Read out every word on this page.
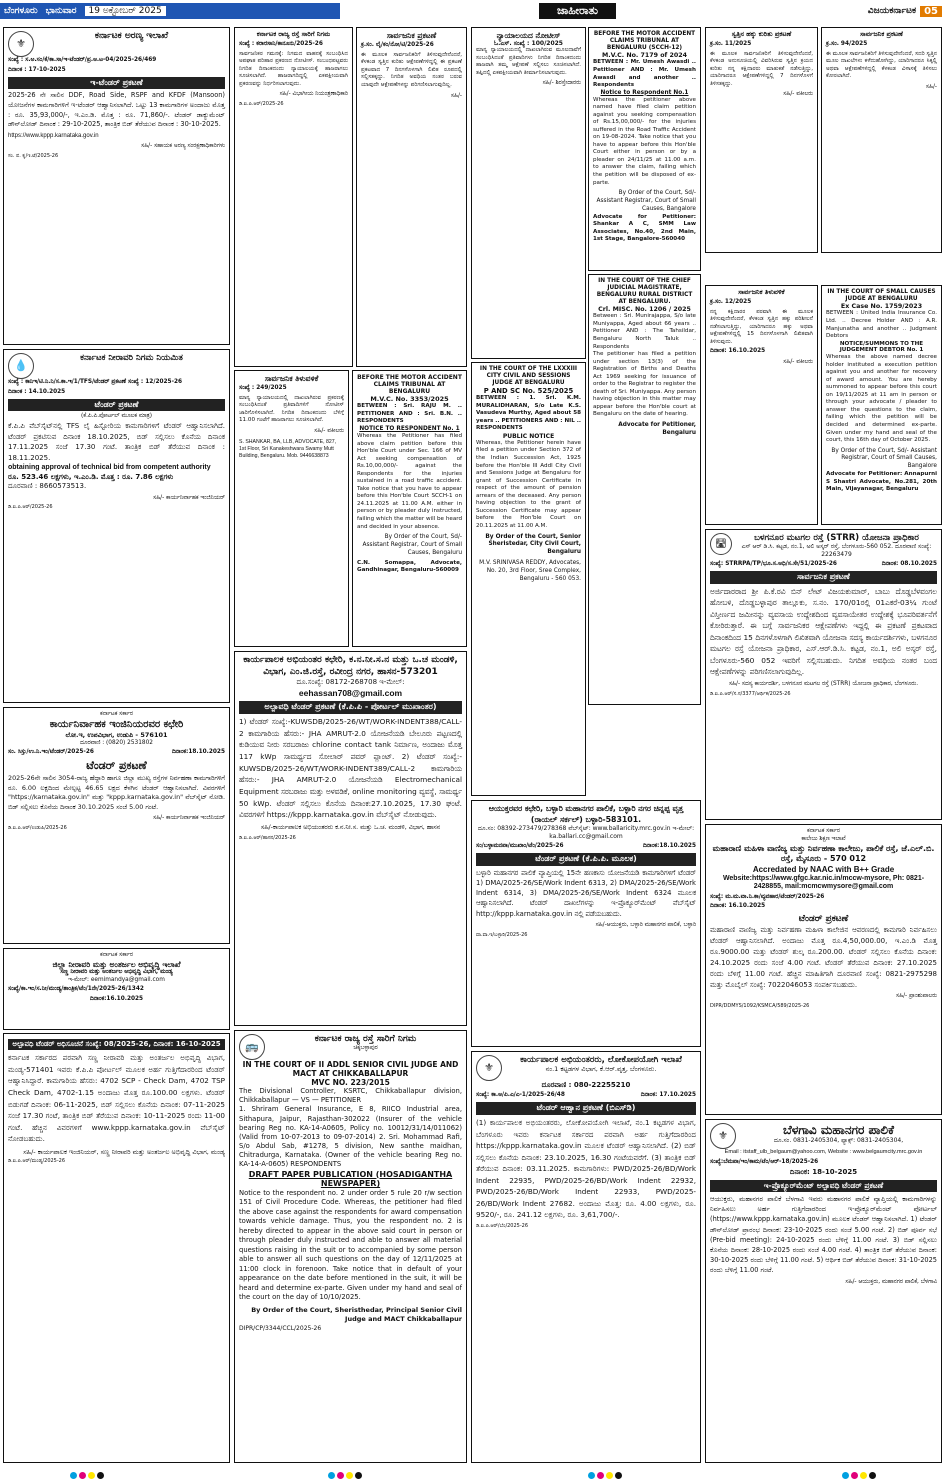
ಬೆಂಗಳೂರು ಭಾನುವಾರ	19 ಅಕ್ಟೋಬರ್ 2025	ಜಾಹೀರಾತು	ವಿಜಯಕರ್ನಾಟಕ 05
⚜
ಕರ್ನಾಟಕ ಅರಣ್ಯ ಇಲಾಖೆ
ಸಂಖ್ಯೆ : ಸ.ಅ.ಸಂ/ಕೆ/ಕಾ.ಸಾ/ಇ-ಟೆಂಡರ್/ಪ್ರ.ಅ.ಟ-04/2025-26/469
ದಿನಾಂಕ : 17-10-2025
ಇ-ಟೆಂಡರ್ ಪ್ರಕಟಣೆ
2025-26 ನೇ ಸಾಲಿನ DDF, Road Side, RSPF and KFDF (Mansoon) ಯೋಜನೆಗಳ ಕಾಮಗಾರಿಗಳಿಗೆ ಇ-ಟೆಂಡರ್ ಆಹ್ವಾನಿಸಲಾಗಿದೆ. ಒಟ್ಟು 13 ಕಾಮಗಾರಿಗಳ ಅಂದಾಜು ಮೊತ್ತ : ರೂ. 35,93,000/-, ಇ.ಎಂ.ಡಿ. ಮೊತ್ತ : ರೂ. 71,860/-. ಟೆಂಡರ್ ಡಾಕ್ಯುಮೆಂಟ್ ಡೌನ್‌ಲೋಡ್ ದಿನಾಂಕ : 29-10-2025, ತಾಂತ್ರಿಕ ಬಿಡ್ ತೆರೆಯುವ ದಿನಾಂಕ : 30-10-2025.
https://www.kppp.karnataka.gov.in
ಸಹಿ/- ಸಹಾಯಕ ಅರಣ್ಯ ಸಂರಕ್ಷಣಾಧಿಕಾರಿಗಳು
ಸಂ. ಪ. ಕೃ/ಇ.ಟೆ/2025-26
💧
ಕರ್ನಾಟಕ ನೀರಾವರಿ ನಿಗಮ ನಿಯಮಿತ
ಸಂಖ್ಯೆ : ಕಾನಿಇ/ಟಿ.ನಿ.ನಿ/ಸ.ಕಾ.ಇ/1/TFS/ಟೆಂಡರ್ ಪ್ರಕಟಣೆ ಸಂಖ್ಯೆ : 12/2025-26
ದಿನಾಂಕ : 14.10.2025
ಟೆಂಡರ್ ಪ್ರಕಟಣೆ
(ಕೆ.ಪಿ.ಪಿ.ಪೋರ್ಟಲ್ ಮೂಲಕ ಮಾತ್ರ)
ಕೆ.ಪಿ.ಪಿ ವೆಬ್‌ಸೈಟ್‌ನಲ್ಲಿ TFS ಲೈ ಹಿಸ್ಟೋರಿಯ ಕಾಮಗಾರಿಗಳಿಗೆ ಟೆಂಡರ್ ಆಹ್ವಾನಿಸಲಾಗಿದೆ. ಟೆಂಡರ್ ಪ್ರಕಟಿಸುವ ದಿನಾಂಕ 18.10.2025, ಬಿಡ್ ಸಲ್ಲಿಸಲು ಕೊನೆಯ ದಿನಾಂಕ 17.11.2025 ಸಂಜೆ 17.30 ಗಂಟೆ. ತಾಂತ್ರಿಕ ಬಿಡ್ ತೆರೆಯುವ ದಿನಾಂಕ : 18.11.2025.
obtaining approval of technical bid from competent authority
ರೂ. 523.46 ಲಕ್ಷಗಳು, ಇ.ಎಂ.ಡಿ. ಮೊತ್ತ : ರೂ. 7.86 ಲಕ್ಷಗಳು
ದೂರವಾಣಿ : 8660573513.
ಸಹಿ/- ಕಾರ್ಯನಿರ್ವಾಹಕ ಇಂಜಿನಿಯರ್
ಡಿ.ಐ.ಪಿ.ಆರ್/2025-26
ಕರ್ನಾಟಕ ಸರ್ಕಾರ
ಕಾರ್ಯನಿರ್ವಾಹಕ ಇಂಜಿನಿಯರವರ ಕಛೇರಿ
ಲೋ.ಇ, ಉಪವಿಭಾಗ, ಉಡುಪಿ - 576101
ದೂರವಾಣಿ : (0820) 2531802
ಸಂ. ಸಿಸ್ತು/ಉ.ನಿ.ಇಂ/ಟೆಂಡರ್/2025-26	ದಿನಾಂಕ:18.10.2025
ಟೆಂಡರ್ ಪ್ರಕಟಣೆ
2025-26ನೇ ಸಾಲಿನ 3054-ರಾಜ್ಯ ಹೆದ್ದಾರಿ ಹಾಗೂ ಜಿಲ್ಲಾ ಮುಖ್ಯ ರಸ್ತೆಗಳ ನಿರ್ವಹಣಾ ಕಾಮಗಾರಿಗಳಿಗೆ ರೂ. 6.00 ಲಕ್ಷದಿಂದ ಮೇಲ್ಪಟ್ಟ 46.65 ಲಕ್ಷದ ಕೆಳಗಿನ ಟೆಂಡರ್ ಆಹ್ವಾನಿಸಲಾಗಿದೆ. ವಿವರಗಳಿಗೆ "https://karnataka.gov.in" ಮತ್ತು "kppp.karnataka.gov.in" ವೆಬ್‌ಸೈಟ್ ನೋಡಿ. ಬಿಡ್ ಸಲ್ಲಿಸಲು ಕೊನೆಯ ದಿನಾಂಕ 30.10.2025 ಸಂಜೆ 5.00 ಗಂಟೆ.
ಸಹಿ/- ಕಾರ್ಯನಿರ್ವಾಹಕ ಇಂಜಿನಿಯರ್
ಡಿ.ಐ.ಪಿ.ಆರ್/ಉಡುಪಿ/2025-26
ಕರ್ನಾಟಕ ಸರ್ಕಾರ
ಜಿಲ್ಲಾ ನೀರಾವರಿ ಮತ್ತು ಅಂತರ್ಜಲ ಅಭಿವೃದ್ಧಿ ಇಲಾಖೆ
ಸಣ್ಣ ನೀರಾವರಿ ಮತ್ತು ಅಂತರ್ಜಲ ಅಭಿವೃದ್ಧಿ ವಿಭಾಗ, ಮಂಡ್ಯ
ಇ-ಮೇಲ್: eemimandya@gmail.com
ಸಂಖ್ಯೆ/ಕಾ.ಇಂ/ಸ.ನೀ/ಮಂಡ್ಯ/ತಾಂತ್ರಿಕ/ಟೆಂ/1ನೇ/2025-26/1342
ದಿನಾಂಕ:16.10.2025
ಅಲ್ಪಾವಧಿ ಟೆಂಡರ್ ಅಧಿಸೂಚನೆ ಸಂಖ್ಯೆ: 08/2025-26, ದಿನಾಂಕ: 16-10-2025
ಕರ್ನಾಟಕ ಸರ್ಕಾರದ ಪರವಾಗಿ ಸಣ್ಣ ನೀರಾವರಿ ಮತ್ತು ಅಂತರ್ಜಲ ಅಭಿವೃದ್ಧಿ ವಿಭಾಗ, ಮಂಡ್ಯ-571401 ಇವರು ಕೆ.ಪಿ.ಪಿ ಪೋರ್ಟಲ್ ಮೂಲಕ ಅರ್ಹ ಗುತ್ತಿಗೆದಾರರಿಂದ ಟೆಂಡರ್ ಆಹ್ವಾನಿಸಿದ್ದಾರೆ. ಕಾಮಗಾರಿಯ ಹೆಸರು: 4702 SCP - Check Dam, 4702 TSP Check Dam, 4702-1.15 ಅಂದಾಜು ಮೊತ್ತ ರೂ.100.00 ಲಕ್ಷಗಳು. ಟೆಂಡರ್ ಬಿಡುಗಡೆ ದಿನಾಂಕ: 06-11-2025, ಬಿಡ್ ಸಲ್ಲಿಸಲು ಕೊನೆಯ ದಿನಾಂಕ: 07-11-2025 ಸಂಜೆ 17.30 ಗಂಟೆ, ತಾಂತ್ರಿಕ ಬಿಡ್ ತೆರೆಯುವ ದಿನಾಂಕ: 10-11-2025 ರಂದು 11-00 ಗಂಟೆ. ಹೆಚ್ಚಿನ ವಿವರಗಳಿಗೆ www.kppp.karnataka.gov.in ವೆಬ್‌ಸೈಟ್ ನೋಡಬಹುದು.
ಸಹಿ/- ಕಾರ್ಯಪಾಲಕ ಇಂಜಿನಿಯರ್, ಸಣ್ಣ ನೀರಾವರಿ ಮತ್ತು ಅಂತರ್ಜಲ ಅಭಿವೃದ್ಧಿ ವಿಭಾಗ, ಮಂಡ್ಯ
ಡಿ.ಐ.ಪಿ.ಆರ್/ಮಂಡ್ಯ/2025-26
ಕರ್ನಾಟಕ ರಾಜ್ಯ ರಸ್ತೆ ಸಾರಿಗೆ ನಿಗಮ
ಸಂಖ್ಯೆ : ಕರಾರಸಾನಿ/ಕಾನೂನು/2025-26
ಸಾರ್ವಜನಿಕರ ಗಮನಕ್ಕೆ: ನಿಗಮದ ವಾಹನಕ್ಕೆ ಸಂಬಂಧಿಸಿದ ಅಪಘಾತ ಪರಿಹಾರ ಪ್ರಕರಣದ ನೋಟೀಸ್. ಸಂಬಂಧಪಟ್ಟವರು ನಿಗದಿತ ದಿನಾಂಕದಂದು ನ್ಯಾಯಾಲಯಕ್ಕೆ ಹಾಜರಾಗಲು ಸೂಚಿಸಲಾಗಿದೆ. ಹಾಜರಾಗದಿದ್ದಲ್ಲಿ ಏಕಪಕ್ಷೀಯವಾಗಿ ಪ್ರಕರಣವನ್ನು ನಿರ್ಧರಿಸಲಾಗುವುದು.
ಸಹಿ/- ವಿಭಾಗೀಯ ನಿಯಂತ್ರಣಾಧಿಕಾರಿ
ಡಿ.ಐ.ಪಿ.ಆರ್/2025-26
ಸಾರ್ವಜನಿಕ ಪ್ರಕಟಣೆ
ಕ್ರ.ಸಂ. ಲೈ/ಕಂ/ನೋ/ಟಿ/2025-26
ಈ ಮೂಲಕ ಸಾರ್ವಜನಿಕರಿಗೆ ತಿಳಿಸುವುದೇನೆಂದರೆ, ಕೆಳಕಂಡ ಸ್ವತ್ತಿನ ಕುರಿತು ಆಕ್ಷೇಪಣೆಗಳಿದ್ದಲ್ಲಿ ಈ ಪ್ರಕಟಣೆ ಪ್ರಕಟವಾದ 7 ದಿನಗಳೊಳಗಾಗಿ ಲಿಖಿತ ರೂಪದಲ್ಲಿ ಸಲ್ಲಿಸತಕ್ಕದ್ದು. ನಿಗದಿತ ಅವಧಿಯ ನಂತರ ಬರುವ ಯಾವುದೇ ಆಕ್ಷೇಪಣೆಗಳನ್ನು ಪರಿಗಣಿಸಲಾಗುವುದಿಲ್ಲ.
ಸಹಿ/-
ಸಾರ್ವಜನಿಕ ತಿಳುವಳಿಕೆ
ಸಂಖ್ಯೆ : 249/2025
ಮಾನ್ಯ ನ್ಯಾಯಾಲಯದಲ್ಲಿ ದಾಖಲಾಗಿರುವ ಪ್ರಕರಣಕ್ಕೆ ಸಂಬಂಧಿಸಿದಂತೆ ಪ್ರತಿವಾದಿಗಳಿಗೆ ನೋಟೀಸ್ ಜಾರಿಗೊಳಿಸಲಾಗಿದೆ. ನಿಗದಿತ ದಿನಾಂಕದಂದು ಬೆಳಿಗ್ಗೆ 11.00 ಗಂಟೆಗೆ ಹಾಜರಾಗಲು ಸೂಚಿಸಲಾಗಿದೆ.
ಸಹಿ/- ವಕೀಲರು
S. SHANKAR, BA, LLB, ADVOCATE, 827, 1st Floor, Sri Kanakeshwara Swamy Mutt Building, Bengaluru. Mob. 9446638873
BEFORE THE MOTOR ACCIDENT CLAIMS TRIBUNAL AT BENGALURU
M.V.C. No. 3353/2025
BETWEEN : Sri. RAJU M. .. PETITIONER AND : Sri. B.N. .. RESPONDENTS
NOTICE TO RESPONDENT No. 1
Whereas the Petitioner has filed above claim petition before this Hon'ble Court under Sec. 166 of MV Act seeking compensation of Rs.10,00,000/- against the Respondents for the injuries sustained in a road traffic accident. Take notice that you have to appear before this Hon'ble Court SCCH-1 on 24.11.2025 at 11.00 A.M. either in person or by pleader duly instructed, failing which the matter will be heard and decided in your absence.
By Order of the Court, Sd/- Assistant Registrar, Court of Small Causes, Bengaluru
C.N. Somappa, Advocate, Gandhinagar, Bengaluru-560009
ಕಾರ್ಯಪಾಲಕ ಅಭಿಯಂತರ ಕಛೇರಿ, ಕ.ನ.ನೀ.ಸ.ನ ಮತ್ತು ಒ.ಚ ಮಂಡಳಿ, ವಿಭಾಗ, ಎಂ.ಜಿ.ರಸ್ತೆ, ರವೀಂದ್ರ ನಗರ, ಹಾಸನ-573201
ದೂ.ಸಂಖ್ಯೆ: 08172-268708 ಇ-ಮೇಲ್:
eehassan708@gmail.com
ಅಲ್ಪಾವಧಿ ಟೆಂಡರ್ ಪ್ರಕಟಣೆ (ಕೆ.ಪಿ.ಪಿ - ಪೋರ್ಟಲ್ ಮುಖಾಂತರ)
1) ಟೆಂಡರ್ ಸಂಖ್ಯೆ:-KUWSDB/2025-26/WT/WORK-INDENT388/CALL-2 ಕಾಮಗಾರಿಯ ಹೆಸರು:- JHA AMRUT-2.0 ಯೋಜನೆಯಡಿ ಬೇಲೂರು ಪಟ್ಟಣದಲ್ಲಿ ಕುಡಿಯುವ ನೀರು ಸರಬರಾಜು chlorine contact tank ನಿರ್ಮಾಣ, ಅಂದಾಜು ಮೊತ್ತ 117 kWp ಸಾಮರ್ಥ್ಯದ ಸೋಲಾರ್ ಪವರ್ ಪ್ಲಾಂಟ್. 2) ಟೆಂಡರ್ ಸಂಖ್ಯೆ:- KUWSDB/2025-26/WT/WORK-INDENT389/CALL-2 ಕಾಮಗಾರಿಯ ಹೆಸರು:- JHA AMRUT-2.0 ಯೋಜನೆಯಡಿ Electromechanical Equipment ಸರಬರಾಜು ಮತ್ತು ಅಳವಡಿಕೆ, online monitoring ವ್ಯವಸ್ಥೆ, ಸಾಮರ್ಥ್ಯ 50 kWp. ಟೆಂಡರ್ ಸಲ್ಲಿಸಲು ಕೊನೆಯ ದಿನಾಂಕ:27.10.2025, 17.30 ಘಂಟೆ. ವಿವರಗಳಿಗೆ https://kppp.karnataka.gov.in ವೆಬ್‌ಸೈಟ್ ನೋಡುವುದು.
ಸಹಿ/-ಕಾರ್ಯಪಾಲಕ ಅಭಿಯಂತರರು ಕ.ನ.ನೀ.ಸ. ಮತ್ತು ಒ.ಚ. ಮಂಡಳಿ, ವಿಭಾಗ, ಹಾಸನ
ಡಿ.ಐ.ಪಿ.ಆರ್/ಹಾಸನ/2025-26
🚌
ಕರ್ನಾಟಕ ರಾಜ್ಯ ರಸ್ತೆ ಸಾರಿಗೆ ನಿಗಮ
ಚಿಕ್ಕಬಳ್ಳಾಪುರ
IN THE COURT OF II ADDL SENIOR CIVIL JUDGE AND MACT AT CHIKKABALLAPUR
MVC NO. 223/2015
The Divisional Controller, KSRTC, Chikkaballapur division, Chikkaballapur — VS — PETITIONER
1. Shriram General Insurance, E 8, RIICO Industrial area, Sithapura, Jaipur, Rajasthan-302022 (Insurer of the vehicle bearing Reg no. KA-14-A0605, Policy no. 10012/31/14/011062) (Valid from 10-07-2013 to 09-07-2014) 2. Sri. Mohammad Rafi, S/o Abdul Sab, #1278, 5 division, New santhe maidhan, Chitradurga, Karnataka. (Owner of the vehicle bearing Reg no. KA-14-A-0605) RESPONDENTS
DRAFT PAPER PUBLICATION (HOSADIGANTHA NEWSPAPER)
Notice to the respondent no. 2 under order 5 rule 20 r/w section 151 of Civil Procedure Code. Whereas, the petitioner had filed the above case against the respondents for award compensation towards vehicle damage. Thus, you the respondent no. 2 is hereby directed to appear in the above said court in person or through pleader duly instructed and able to answer all material questions raising in the suit or to accompanied by some person able to answer all such questions on the day of 12/11/2025 at 11:00 clock in forenoon. Take notice that in default of your appearance on the date before mentioned in the suit, it will be heard and determine ex-parte. Given under my hand and seal of the court on the day of 10/10/2025.
By Order of the Court, Sheristhedar, Principal Senior Civil Judge and MACT Chikkaballapur
DIPR/CP/3344/CCL/2025-26
ನ್ಯಾಯಾಲಯದ ನೋಟೀಸ್
ಓ.ಎಸ್. ಸಂಖ್ಯೆ : 100/2025
ಮಾನ್ಯ ನ್ಯಾಯಾಲಯದಲ್ಲಿ ದಾಖಲಾಗಿರುವ ಮೂಲದಾವೆಗೆ ಸಂಬಂಧಿಸಿದಂತೆ ಪ್ರತಿವಾದಿಗಳು ನಿಗದಿತ ದಿನಾಂಕದಂದು ಹಾಜರಾಗಿ ತಮ್ಮ ಆಕ್ಷೇಪಣೆ ಸಲ್ಲಿಸಲು ಸೂಚಿಸಲಾಗಿದೆ. ತಪ್ಪಿದಲ್ಲಿ ಏಕಪಕ್ಷೀಯವಾಗಿ ತೀರ್ಮಾನಿಸಲಾಗುವುದು.
ಸಹಿ/- ಶಿರಸ್ತೇದಾರರು
BEFORE THE MOTOR ACCIDENT CLAIMS TRIBUNAL AT BENGALURU (SCCH-12)
M.V.C. No. 7179 of 2024
BETWEEN : Mr. Umesh Awasdi .. Petitioner AND : Mr. Umesh Awasdi and another .. Respondents
Notice to Respondent No.1
Whereas the petitioner above named have filed claim petition against you seeking compensation of Rs.15,00,000/- for the injuries suffered in the Road Traffic Accident on 19-08-2024. Take notice that you have to appear before this Hon'ble Court either in person or by a pleader on 24/11/25 at 11.00 a.m. to answer the claim, failing which the petition will be disposed of ex-parte.
By Order of the Court, Sd/- Assistant Registrar, Court of Small Causes, Bangalore
Advocate for Petitioner: Shankar A C, SMM Law Associates, No.40, 2nd Main, 1st Stage, Bangalore-560040
IN THE COURT OF THE CHIEF JUDICIAL MAGISTRATE, BENGALURU RURAL DISTRICT AT BENGALURU.
Crl. MISC. No. 1206 / 2025
Between : Sri. Munirajappa, S/o late Muniyappa, Aged about 66 years .. Petitioner AND : The Tahsildar, Bengaluru North Taluk .. Respondents
The petitioner has filed a petition under section 13(3) of the Registration of Births and Deaths Act 1969 seeking for issuance of order to the Registrar to register the death of Sri. Muniyappa. Any person having objection in this matter may appear before the Hon'ble court at Bengaluru on the date of hearing.
Advocate for Petitioner, Bengaluru
IN THE COURT OF THE LXXXIII CITY CIVIL AND SESSIONS JUDGE AT BENGALURU
P AND SC No. 525/2025
BETWEEN : 1. Sri. K.M. MURALIDHARAN, S/o Late K.S. Vasudeva Murthy, Aged about 58 years .. PETITIONERS AND : NIL .. RESPONDENTS
PUBLIC NOTICE
Whereas, the Petitioner herein have filed a petition under Section 372 of the Indian Succession Act, 1925 before the Hon'ble III Addl City Civil and Sessions Judge at Bengaluru for grant of Succession Certificate in respect of the amount of pension arrears of the deceased. Any person having objection to the grant of Succession Certificate may appear before the Hon'ble Court on 20.11.2025 at 11.00 A.M.
By Order of the Court, Senior Sheristedar, City Civil Court, Bengaluru
M.V. SRINIVASA REDDY, Advocates, No. 20, 3rd Floor, Sree Complex, Bengaluru - 560 053.
ಸ್ವತ್ತಿನ ಹಕ್ಕು ಕುರಿತು ಪ್ರಕಟಣೆ
ಕ್ರ.ಸಂ. 11/2025
ಈ ಮೂಲಕ ಸಾರ್ವಜನಿಕರಿಗೆ ತಿಳಿಸುವುದೇನೆಂದರೆ, ಕೆಳಕಂಡ ಅನುಸೂಚಿಯಲ್ಲಿ ವಿವರಿಸಿರುವ ಸ್ವತ್ತಿನ ಕ್ರಯದ ಕುರಿತು ನನ್ನ ಕಕ್ಷಿದಾರರು ಮಾತುಕತೆ ನಡೆಸುತ್ತಿದ್ದು, ಯಾರಿಗಾದರೂ ಆಕ್ಷೇಪಣೆಗಳಿದ್ದಲ್ಲಿ 7 ದಿನಗಳೊಳಗೆ ತಿಳಿಸತಕ್ಕದ್ದು.
ಸಹಿ/- ವಕೀಲರು
ಸಾರ್ವಜನಿಕ ಪ್ರಕಟಣೆ
ಕ್ರ.ಸಂ. 94/2025
ಈ ಮೂಲಕ ಸಾರ್ವಜನಿಕರಿಗೆ ತಿಳಿಸುವುದೇನೆಂದರೆ, ಸದರಿ ಸ್ವತ್ತಿನ ಮೂಲ ದಾಖಲೆಗಳು ಕಳೆದುಹೋಗಿದ್ದು, ಯಾರಿಗಾದರೂ ಸಿಕ್ಕಲ್ಲಿ ಅಥವಾ ಆಕ್ಷೇಪಣೆಗಳಿದ್ದಲ್ಲಿ ಕೆಳಕಂಡ ವಿಳಾಸಕ್ಕೆ ತಿಳಿಸಲು ಕೋರಲಾಗಿದೆ.
ಸಹಿ/-
ಸಾರ್ವಜನಿಕ ತಿಳುವಳಿಕೆ
ಕ್ರ.ಸಂ. 12/2025
ನನ್ನ ಕಕ್ಷಿದಾರರ ಪರವಾಗಿ ಈ ಮೂಲಕ ತಿಳಿಸುವುದೇನೆಂದರೆ, ಕೆಳಕಂಡ ಸ್ವತ್ತಿನ ಹಕ್ಕು ಪರಿಶೀಲನೆ ನಡೆಸಲಾಗುತ್ತಿದ್ದು, ಯಾರಿಗಾದರೂ ಹಕ್ಕು ಅಥವಾ ಆಕ್ಷೇಪಣೆಗಳಿದ್ದಲ್ಲಿ 15 ದಿನಗಳೊಳಗಾಗಿ ಲಿಖಿತವಾಗಿ ತಿಳಿಸುವುದು.
ದಿನಾಂಕ: 16.10.2025
ಸಹಿ/- ವಕೀಲರು
IN THE COURT OF SMALL CAUSES JUDGE AT BENGALURU
Ex Case No. 1759/2023
BETWEEN : United India Insurance Co. Ltd. .. Decree Holder AND : A.R. Manjunatha and another .. Judgment Debtors
NOTICE/SUMMONS TO THE JUDGEMENT DEBTOR No. 1
Whereas the above named decree holder instituted a execution petition against you and another for recovery of award amount. You are hereby summoned to appear before this court on 19/11/2025 at 11 am in person or through your advocate / pleader to answer the questions to the claim, failing which the petition will be decided and determined ex-parte. Given under my hand and seal of the court, this 16th day of October 2025.
By Order of the Court, Sd/- Assistant Registrar, Court of Small Causes, Bangalore
Advocate for Petitioner: Annapurni S Shastri Advocate, No.281, 20th Main, Vijayanagar, Bengaluru
🛣
ಬಳಗನೂರ ಮಟಗಲ ರಸ್ತೆ (STRR) ಯೋಜನಾ ಪ್ರಾಧಿಕಾರ
ಎಸ್ ಆರ್ ಡಿ.ಸಿ. ಕಟ್ಟಡ, ನಂ.1, ಅಲಿ ಅಸ್ಕರ್ ರಸ್ತೆ, ಬೆಂಗಳೂರು-560 052. ದೂರವಾಣಿ ಸಂಖ್ಯೆ: 22263479
ಸಂಖ್ಯೆ: STRRPA/TP/ಭೂ.ಸ.ಅಧಿ/ಸ.ಸೇ/51/2025-26	ದಿನಾಂಕ: 08.10.2025
ಸಾರ್ವಜನಿಕ ಪ್ರಕಟಣೆ
ಅರ್ಜಿದಾರರಾದ ಶ್ರೀ ಪಿ.ಕೆ.ರವಿ ಬಿನ್ ಲೇಟ್ ವಿಜಯಕುಮಾರ್, ಬಾಬು ದೊಡ್ಡಬೆಳವಂಗಲ ಹೋಬಳಿ, ದೊಡ್ಡಬಳ್ಳಾಪುರ ತಾಲ್ಲೂಕು, ಸ.ನಂ. 170/01ರಲ್ಲಿ 01ಎಕರೆ-03¼ ಗುಂಟೆ ವಿಸ್ತೀರ್ಣದ ಜಮೀನನ್ನು ವ್ಯವಸಾಯ ಉದ್ದೇಶದಿಂದ ವ್ಯವಸಾಯೇತರ ಉದ್ದೇಶಕ್ಕೆ ಭೂಪರಿವರ್ತನೆಗೆ ಕೋರಿರುತ್ತಾರೆ. ಈ ಬಗ್ಗೆ ಸಾರ್ವಜನಿಕರ ಆಕ್ಷೇಪಣೆಗಳು ಇದ್ದಲ್ಲಿ ಈ ಪ್ರಕಟಣೆ ಪ್ರಕಟವಾದ ದಿನಾಂಕದಿಂದ 15 ದಿನಗಳೊಳಗಾಗಿ ಲಿಖಿತವಾಗಿ ಯೋಜನಾ ಸದಸ್ಯ ಕಾರ್ಯದರ್ಶಿಗಳು, ಬಳಗನೂರ ಮಟಗಲ ರಸ್ತೆ ಯೋಜನಾ ಪ್ರಾಧಿಕಾರ, ಎಸ್.ಆರ್.ಡಿ.ಸಿ. ಕಟ್ಟಡ, ನಂ.1, ಅಲಿ ಅಸ್ಕರ್ ರಸ್ತೆ, ಬೆಂಗಳೂರು-560 052 ಇವರಿಗೆ ಸಲ್ಲಿಸಬಹುದು. ನಿಗದಿತ ಅವಧಿಯ ನಂತರ ಬಂದ ಆಕ್ಷೇಪಣೆಗಳನ್ನು ಪರಿಗಣಿಸಲಾಗುವುದಿಲ್ಲ.
ಸಹಿ/- ಸದಸ್ಯ ಕಾರ್ಯದರ್ಶಿ, ಬಳಗನೂರ ಮಟಗಲ ರಸ್ತೆ (STRR) ಯೋಜನಾ ಪ್ರಾಧಿಕಾರ, ಬೆಂಗಳೂರು.
ಡಿ.ಐ.ಪಿ.ಆರ್/ಸ.ಸ/3377/ಆರ್ಥಿಕ/2025-26
ಆಯುಕ್ತರವರ ಕಛೇರಿ, ಬಳ್ಳಾರಿ ಮಹಾನಗರ ಪಾಲಿಕೆ, ಬಳ್ಳಾರಿ ನಗರ ಚಿನ್ನಪ್ಪ ವೃತ್ತ (ರಾಯಲ್ ಸರ್ಕಲ್) ಬಳ್ಳಾರಿ-583101.
ದೂ.ಸಂ: 08392-273479/278368 ವೆಬ್‌ಸೈಟ್: www.ballaricity.mrc.gov.in ಇ-ಮೇಲ್: ka.ballari.cc@gmail.com
ಸಂ/ಬಳ್ಳಾಮನಪಾ/ಮುಖಾಂ/ಟೆಂ/2025-26	ದಿನಾಂಕ:18.10.2025
ಟೆಂಡರ್ ಪ್ರಕಟಣೆ (ಕೆ.ಪಿ.ಪಿ. ಮೂಲಕ)
ಬಳ್ಳಾರಿ ಮಹಾನಗರ ಪಾಲಿಕೆ ವ್ಯಾಪ್ತಿಯಲ್ಲಿ 15ನೇ ಹಣಕಾಸು ಯೋಜನೆಯಡಿ ಕಾಮಗಾರಿಗಳಿಗೆ ಟೆಂಡರ್ 1) DMA/2025-26/SE/Work Indent 6313, 2) DMA/2025-26/SE/Work Indent 6314, 3) DMA/2025-26/SE/Work Indent 6324 ಮೂಲಕ ಆಹ್ವಾನಿಸಲಾಗಿದೆ. ಟೆಂಡರ್ ದಾಖಲೆಗಳನ್ನು ಇ-ಪ್ರೊಕ್ಯೂರ್‌ಮೆಂಟ್ ವೆಬ್‌ಸೈಟ್ http://kppp.karnataka.gov.in ನಲ್ಲಿ ಪಡೆಯಬಹುದು.
ಸಹಿ/-ಆಯುಕ್ತರು, ಬಳ್ಳಾರಿ ಮಹಾನಗರ ಪಾಲಿಕೆ, ಬಳ್ಳಾರಿ
ವಾ.ವಾ.ಇ/ಬಳ್ಳಾರಿ/2025-26
⚜
ಕಾರ್ಯಪಾಲಕ ಅಭಿಯಂತರರು, ಲೋಕೋಪಯೋಗಿ ಇಲಾಖೆ
ನಂ.1 ಕಟ್ಟಡಗಳ ವಿಭಾಗ, ಕೆ.ಆರ್.ವೃತ್ತ, ಬೆಂಗಳೂರು.
ದೂರವಾಣಿ : 080-22255210
ಸಂಖ್ಯೆ: ಕಾ.ಅ/ಪಿ.ಎ/ಎ-1/2025-26/48	ದಿನಾಂಕ: 17.10.2025
ಟೆಂಡರ್ ಆಹ್ವಾನ ಪ್ರಕಟಣೆ (ಬಿಎಸ್‌ಡಿ)
(1) ಕಾರ್ಯಪಾಲಕ ಅಭಿಯಂತರರು, ಲೋಕೋಪಯೋಗಿ ಇಲಾಖೆ, ನಂ.1 ಕಟ್ಟಡಗಳ ವಿಭಾಗ, ಬೆಂಗಳೂರು ಇವರು ಕರ್ನಾಟಕ ಸರ್ಕಾರದ ಪರವಾಗಿ ಅರ್ಹ ಗುತ್ತಿಗೆದಾರರಿಂದ https://kppp.karnataka.gov.in ಮೂಲಕ ಟೆಂಡರ್ ಆಹ್ವಾನಿಸಲಾಗಿದೆ. (2) ಬಿಡ್ ಸಲ್ಲಿಸಲು ಕೊನೆಯ ದಿನಾಂಕ: 23.10.2025, 16.30 ಗಂಟೆಯವರೆಗೆ. (3) ತಾಂತ್ರಿಕ ಬಿಡ್ ತೆರೆಯುವ ದಿನಾಂಕ: 03.11.2025. ಕಾಮಗಾರಿಗಳು: PWD/2025-26/BD/Work Indent 22935, PWD/2025-26/BD/Work Indent 22932, PWD/2025-26/BD/Work Indent 22933, PWD/2025-26/BD/Work Indent 27682. ಅಂದಾಜು ಮೊತ್ತ: ರೂ. 4.00 ಲಕ್ಷಗಳು, ರೂ. 9520/-, ರೂ. 241.12 ಲಕ್ಷಗಳು, ರೂ. 3,61,700/-.
ಡಿ.ಐ.ಪಿ.ಆರ್/ಬೆಂ/2025-26
ಕರ್ನಾಟಕ ಸರ್ಕಾರ
ಕಾಲೇಜು ಶಿಕ್ಷಣ ಇಲಾಖೆ
ಮಹಾರಾಣಿ ಮಹಿಳಾ ವಾಣಿಜ್ಯ ಮತ್ತು ನಿರ್ವಹಣಾ ಕಾಲೇಜು, ಪಾಲಿಕೆ ರಸ್ತೆ, ಜೆ.ಎಲ್.ಬಿ. ರಸ್ತೆ, ಮೈಸೂರು - 570 012
Accredated by NAAC with B++ Grade
Website:https://www.gfgc.kar.nic.in/mccw-mysore, Ph: 0821-2428855, mail:mcmcwmysore@gmail.com
ಸಂಖ್ಯೆ: ಮ.ಮ.ವಾ.ನಿ.ಕಾ/ವ್ಯವಹಾರ/ಟೆಂಡರ್/2025-26
ದಿನಾಂಕ: 16.10.2025
ಟೆಂಡರ್ ಪ್ರಕಟಣೆ
ಮಹಾರಾಣಿ ವಾಣಿಜ್ಯ ಮತ್ತು ನಿರ್ವಹಣಾ ಮಹಿಳಾ ಕಾಲೇಜಿನ ಆವರಣದಲ್ಲಿ ಕಾಮಗಾರಿ ನಿರ್ವಹಿಸಲು ಟೆಂಡರ್ ಆಹ್ವಾನಿಸಲಾಗಿದೆ. ಅಂದಾಜು ಮೊತ್ತ ರೂ.4,50,000.00, ಇ.ಎಂ.ಡಿ ಮೊತ್ತ ರೂ.9000.00 ಮತ್ತು ಟೆಂಡರ್ ಶುಲ್ಕ ರೂ.200.00. ಟೆಂಡರ್ ಸಲ್ಲಿಸಲು ಕೊನೆಯ ದಿನಾಂಕ: 24.10.2025 ರಂದು ಸಂಜೆ 4.00 ಗಂಟೆ. ಟೆಂಡರ್ ತೆರೆಯುವ ದಿನಾಂಕ: 27.10.2025 ರಂದು ಬೆಳಿಗ್ಗೆ 11.00 ಗಂಟೆ. ಹೆಚ್ಚಿನ ಮಾಹಿತಿಗಾಗಿ ದೂರವಾಣಿ ಸಂಖ್ಯೆ: 0821-2975298 ಮತ್ತು ಮೊಬೈಲ್ ಸಂಖ್ಯೆ: 7022046053 ಸಂಪರ್ಕಿಸಬಹುದು.
ಸಹಿ/- ಪ್ರಾಂಶುಪಾಲರು
DIPR/DDMYS/1092/KSMCA/589/2025-26
⚜	ಬೆಳಗಾವಿ ಮಹಾನಗರ ಪಾಲಿಕೆ
ದೂ.ಸಂ. 0831-2405304, ಫ್ಯಾಕ್ಸ್: 0831-2405304,
Email : itstaff_ulb_belgaum@yahoo.com, Website : www.belgaumcity.mrc.gov.in
ಸಂಖ್ಯೆ:ಬೆಮಪಾ/ಇಂ/ಕಾಮ/ಟೆಂ/ಆರ್-18/2025-26
ದಿನಾಂಕ: 18-10-2025
ಇ-ಪ್ರೊಕ್ಯೂರ್‌ಮೆಂಟ್ ಅಲ್ಪಾವಧಿ ಟೆಂಡರ್ ಪ್ರಕಟಣೆ
ಆಯುಕ್ತರು, ಮಹಾನಗರ ಪಾಲಿಕೆ ಬೆಳಗಾವಿ ಇವರು ಮಹಾನಗರ ಪಾಲಿಕೆ ವ್ಯಾಪ್ತಿಯಲ್ಲಿ ಕಾಮಗಾರಿಗಳನ್ನು ನಿರ್ವಹಿಸಲು ಅರ್ಹ ಗುತ್ತಿಗೆದಾರರಿಂದ ಇ-ಪ್ರೊಕ್ಯೂರ್‌ಮೆಂಟ್ ಪೋರ್ಟಲ್ (https://www.kppp.karnataka.gov.in) ಮೂಲಕ ಟೆಂಡರ್ ಆಹ್ವಾನಿಸಲಾಗಿದೆ. 1) ಟೆಂಡರ್ ಡೌನ್‌ಲೋಡ್ ಪ್ರಾರಂಭ ದಿನಾಂಕ: 23-10-2025 ರಂದು ಸಂಜೆ 5.00 ಗಂಟೆ. 2) ಬಿಡ್ ಪೂರ್ವ ಸಭೆ (Pre-bid meeting): 24-10-2025 ರಂದು ಬೆಳಿಗ್ಗೆ 11.00 ಗಂಟೆ. 3) ಬಿಡ್ ಸಲ್ಲಿಸಲು ಕೊನೆಯ ದಿನಾಂಕ: 28-10-2025 ರಂದು ಸಂಜೆ 4.00 ಗಂಟೆ. 4) ತಾಂತ್ರಿಕ ಬಿಡ್ ತೆರೆಯುವ ದಿನಾಂಕ: 30-10-2025 ರಂದು ಬೆಳಿಗ್ಗೆ 11.00 ಗಂಟೆ. 5) ಆರ್ಥಿಕ ಬಿಡ್ ತೆರೆಯುವ ದಿನಾಂಕ: 31-10-2025 ರಂದು ಬೆಳಿಗ್ಗೆ 11.00 ಗಂಟೆ.
ಸಹಿ/- ಆಯುಕ್ತರು, ಮಹಾನಗರ ಪಾಲಿಕೆ, ಬೆಳಗಾವಿ
